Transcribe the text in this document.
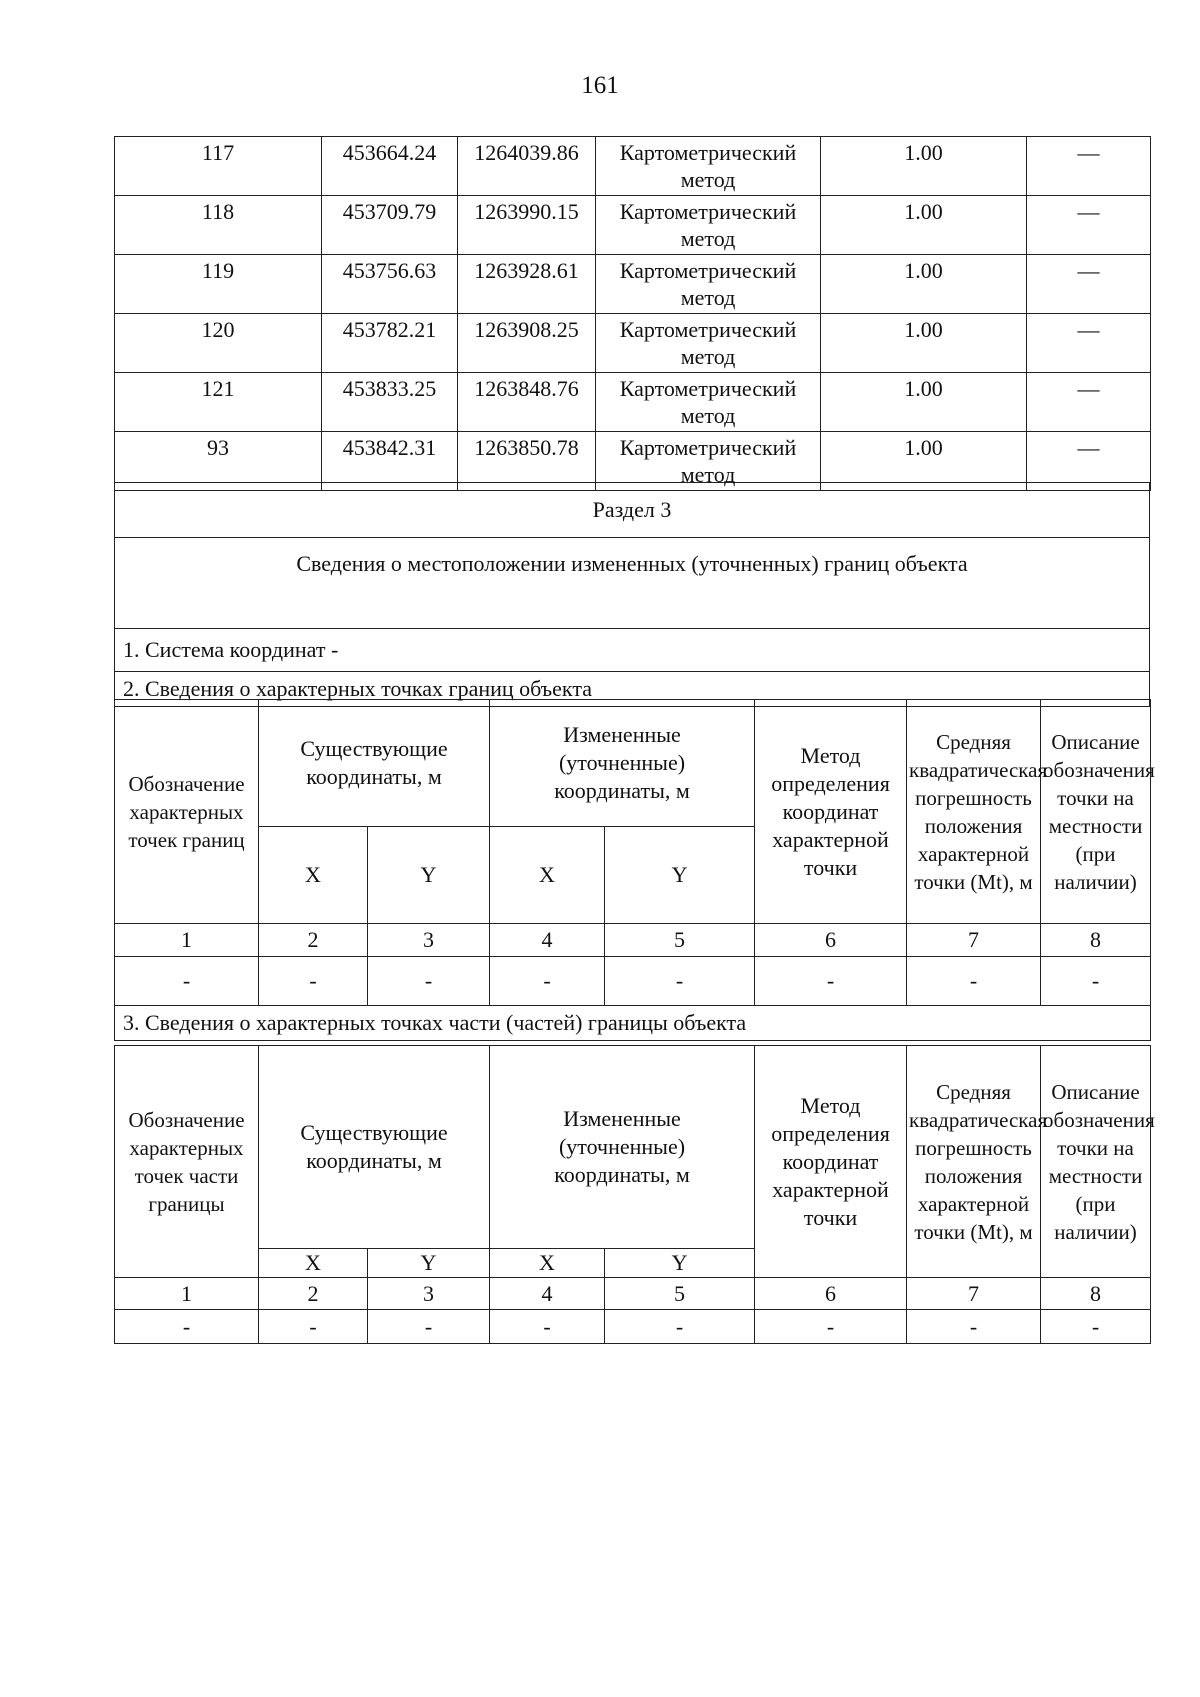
161
117	453664.24	1264039.86	Картометрический метод	1.00	—
118	453709.79	1263990.15	Картометрический метод	1.00	—
119	453756.63	1263928.61	Картометрический метод	1.00	—
120	453782.21	1263908.25	Картометрический метод	1.00	—
121	453833.25	1263848.76	Картометрический метод	1.00	—
93	453842.31	1263850.78	Картометрический метод	1.00	—
Раздел 3
Сведения о местоположении измененных (уточненных) границ объекта
1. Система координат -
2. Сведения о характерных точках границ объекта
Обозначение характерных точек границ	Существующие координаты, м		Измененные (уточненные) координаты, м		Метод определения координат характерной точки	Средняя квадратическая погрешность положения характерной точки (Mt), м	Описание обозначения точки на местности (при наличии)
	X	Y	X	Y			
1	2	3	4	5	6	7	8
-	-	-	-	-	-	-	-
3. Сведения о характерных точках части (частей) границы объекта							
Обозначение характерных точек части границы	Существующие координаты, м		Измененные (уточненные) координаты, м		Метод определения координат характерной точки	Средняя квадратическая погрешность положения характерной точки (Mt), м	Описание обозначения точки на местности (при наличии)
	X	Y	X	Y			
1	2	3	4	5	6	7	8
-	-	-	-	-	-	-	-
